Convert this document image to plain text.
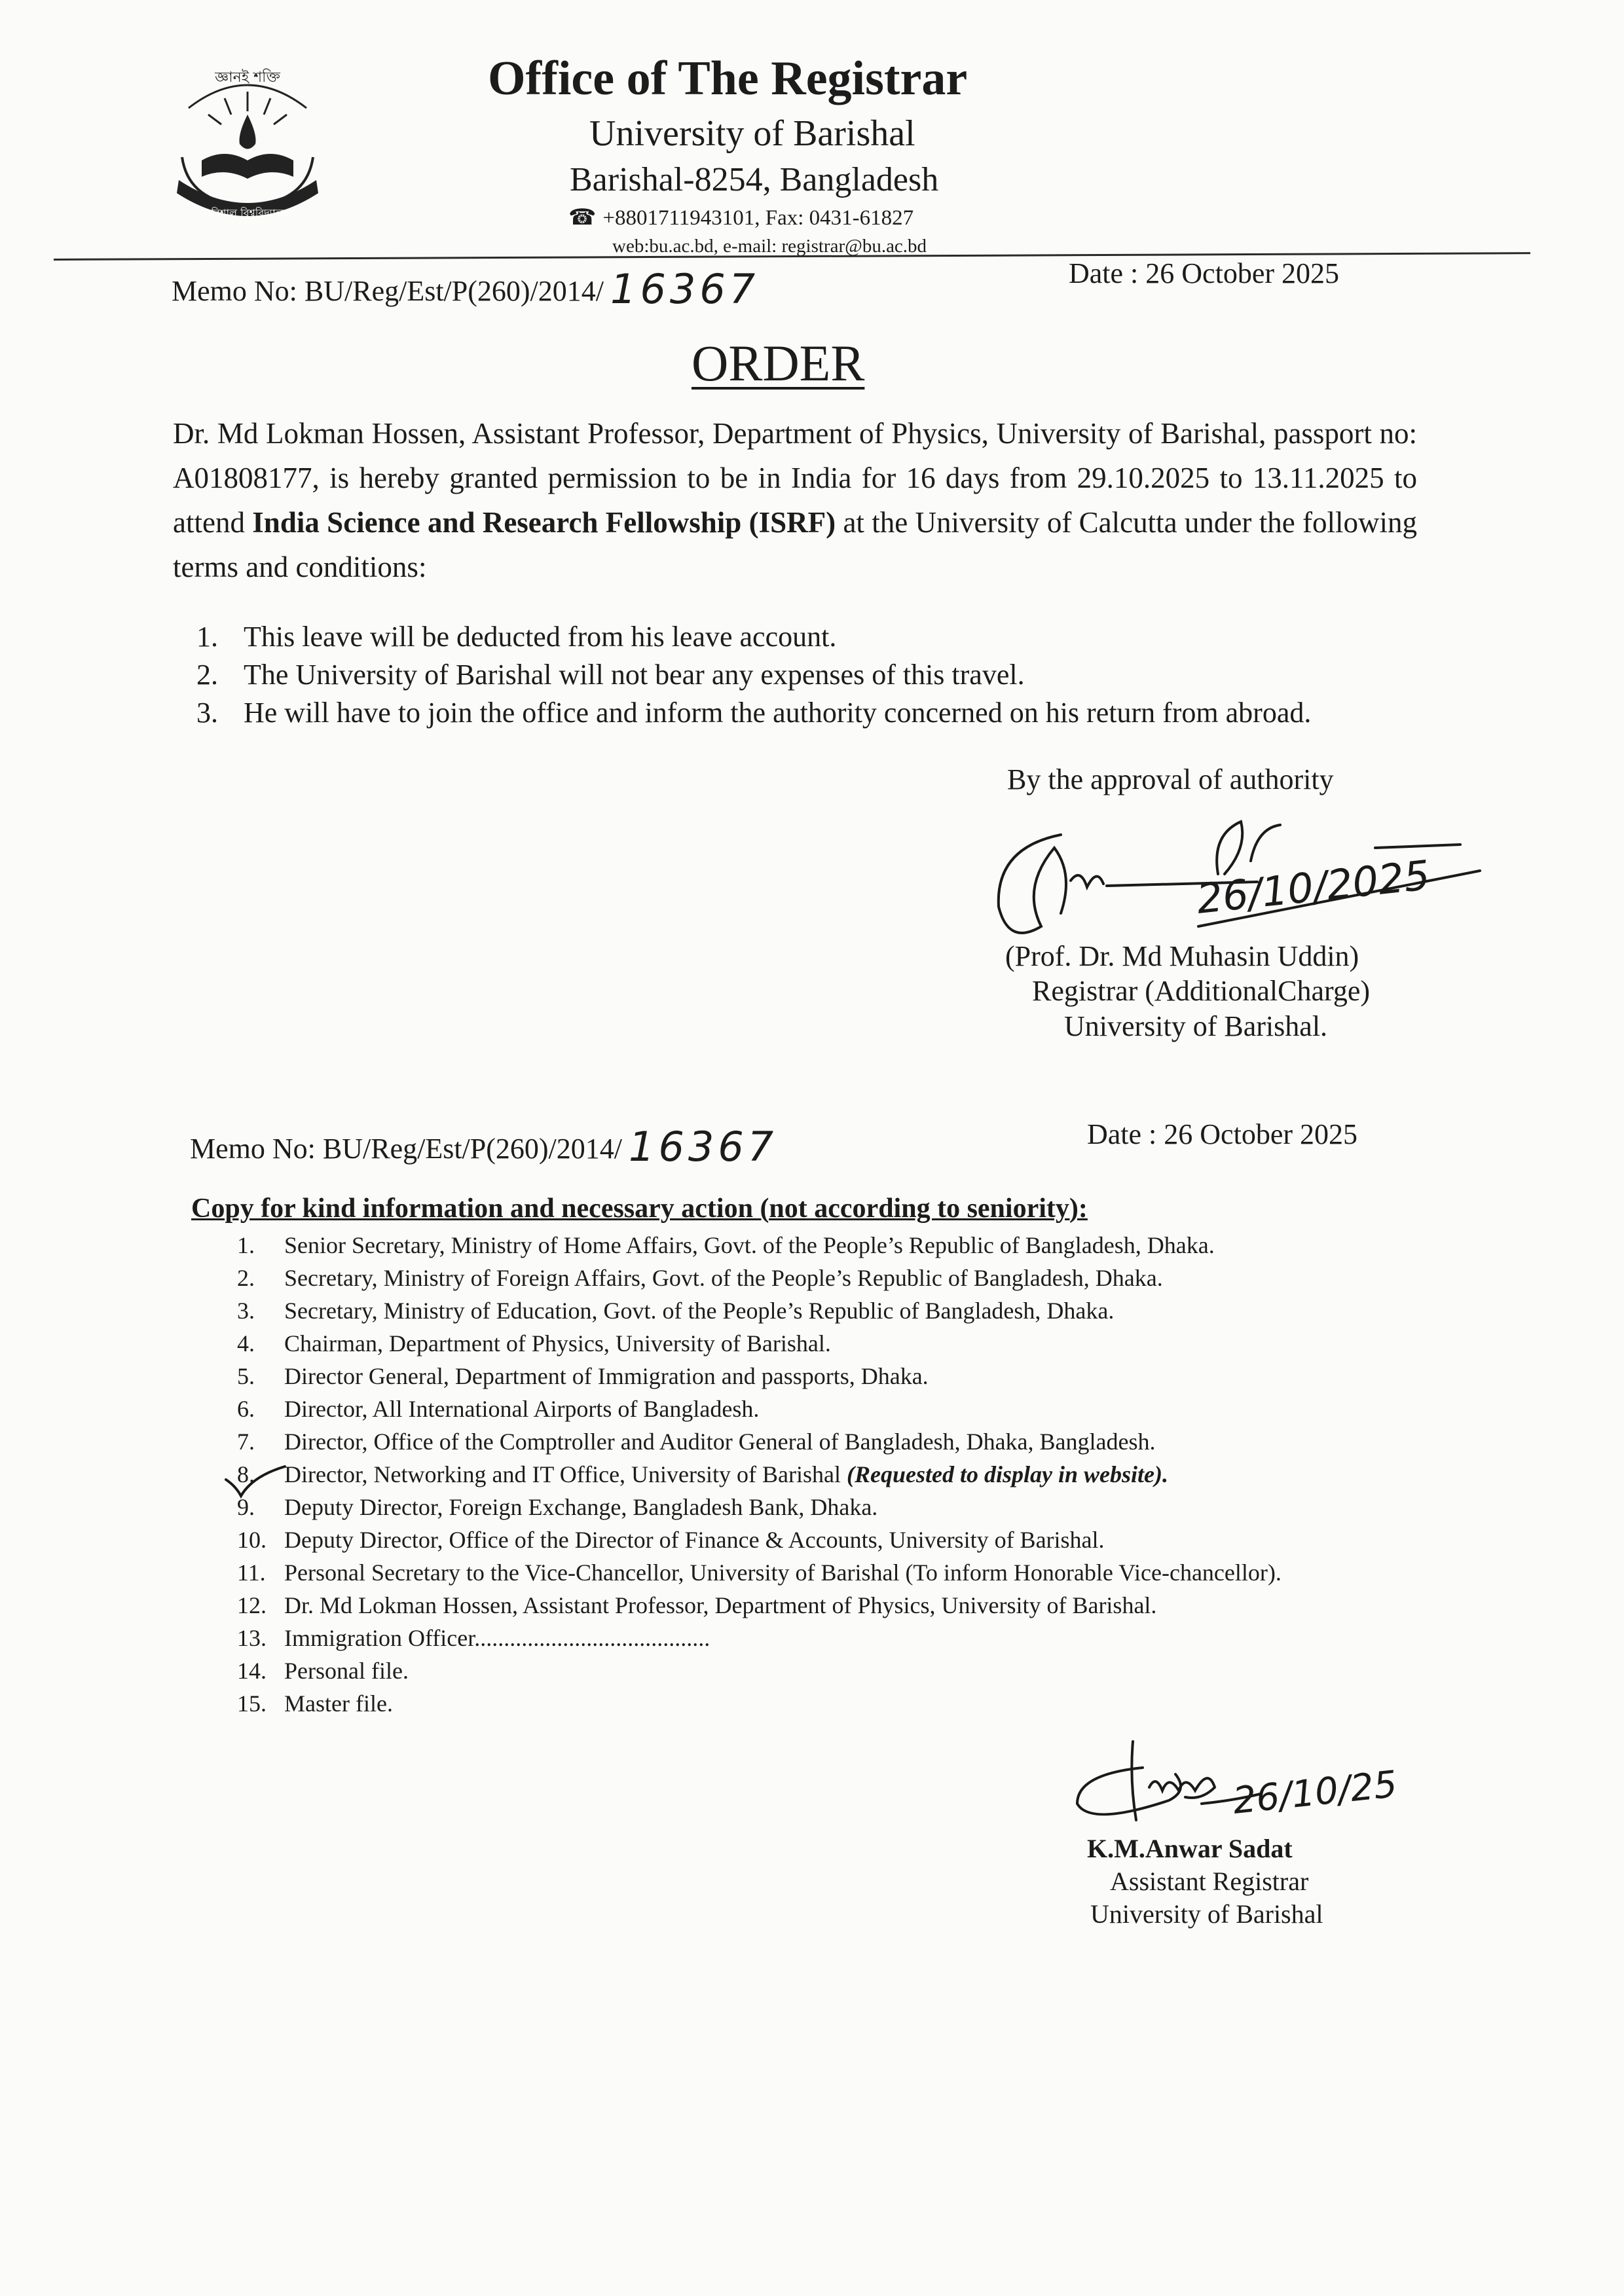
জ্ঞানই শক্তি
বরিশাল বিশ্ববিদ্যালয়
Office of The Registrar
University of Barishal
Barishal-8254, Bangladesh
☎ +8801711943101, Fax: 0431-61827
web:bu.ac.bd, e-mail: registrar@bu.ac.bd
Memo No: BU/Reg/Est/P(260)/2014/ 16367	Date : 26 October 2025
ORDER
Dr. Md Lokman Hossen, Assistant Professor, Department of Physics, University of Barishal, passport no: A01808177, is hereby granted permission to be in India for 16 days from 29.10.2025 to 13.11.2025 to attend India Science and Research Fellowship (ISRF) at the University of Calcutta under the following terms and conditions:
1. This leave will be deducted from his leave account.
2. The University of Barishal will not bear any expenses of this travel.
3. He will have to join the office and inform the authority concerned on his return from abroad.
By the approval of authority
26/10/2025
(Prof. Dr. Md Muhasin Uddin)
Registrar (AdditionalCharge)
University of Barishal.
Memo No: BU/Reg/Est/P(260)/2014/ 16367	Date : 26 October 2025
Copy for kind information and necessary action (not according to seniority):
1. Senior Secretary, Ministry of Home Affairs, Govt. of the People’s Republic of Bangladesh, Dhaka.
2. Secretary, Ministry of Foreign Affairs, Govt. of the People’s Republic of Bangladesh, Dhaka.
3. Secretary, Ministry of Education, Govt. of the People’s Republic of Bangladesh, Dhaka.
4. Chairman, Department of Physics, University of Barishal.
5. Director General, Department of Immigration and passports, Dhaka.
6. Director, All International Airports of Bangladesh.
7. Director, Office of the Comptroller and Auditor General of Bangladesh, Dhaka, Bangladesh.
8. Director, Networking and IT Office, University of Barishal (Requested to display in website).
9. Deputy Director, Foreign Exchange, Bangladesh Bank, Dhaka.
10. Deputy Director, Office of the Director of Finance & Accounts, University of Barishal.
11. Personal Secretary to the Vice-Chancellor, University of Barishal (To inform Honorable Vice-chancellor).
12. Dr. Md Lokman Hossen, Assistant Professor, Department of Physics, University of Barishal.
13. Immigration Officer........................................
14. Personal file.
15. Master file.
26/10/25
K.M.Anwar Sadat
Assistant Registrar
University of Barishal
